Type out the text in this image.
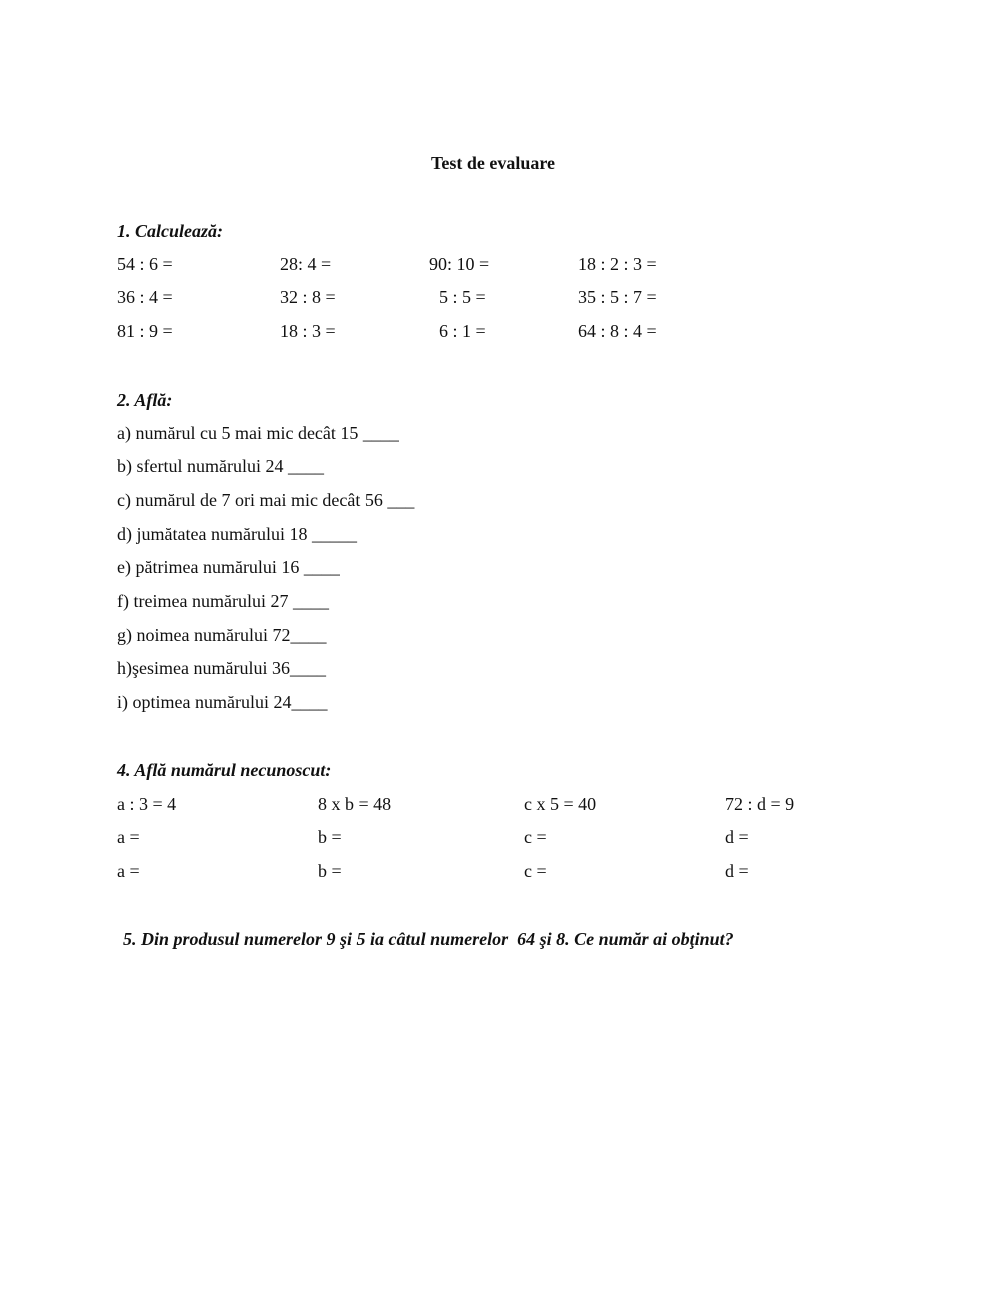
Test de evaluare
1. Calculează:
54 : 6 =	28: 4 =	90: 10 =	18 : 2 : 3 =
36 : 4 =	32 : 8 =	5 : 5 =	35 : 5 : 7 =
81 : 9 =	18 : 3 =	6 : 1 =	64 : 8 : 4 =
2. Află:
a) numărul cu 5 mai mic decât 15 ____
b) sfertul numărului 24 ____
c) numărul de 7 ori mai mic decât 56 ___
d) jumătatea numărului 18 _____
e) pătrimea numărului 16 ____
f) treimea numărului 27 ____
g) noimea numărului 72____
h)şesimea numărului 36____
i) optimea numărului 24____
4. Află numărul necunoscut:
a : 3 = 4	8 x b = 48	c x 5 = 40	72 : d = 9
a =	b =	c =	d =
a =	b =	c =	d =
5. Din produsul numerelor 9 şi 5 ia câtul numerelor  64 şi 8. Ce număr ai obţinut?
